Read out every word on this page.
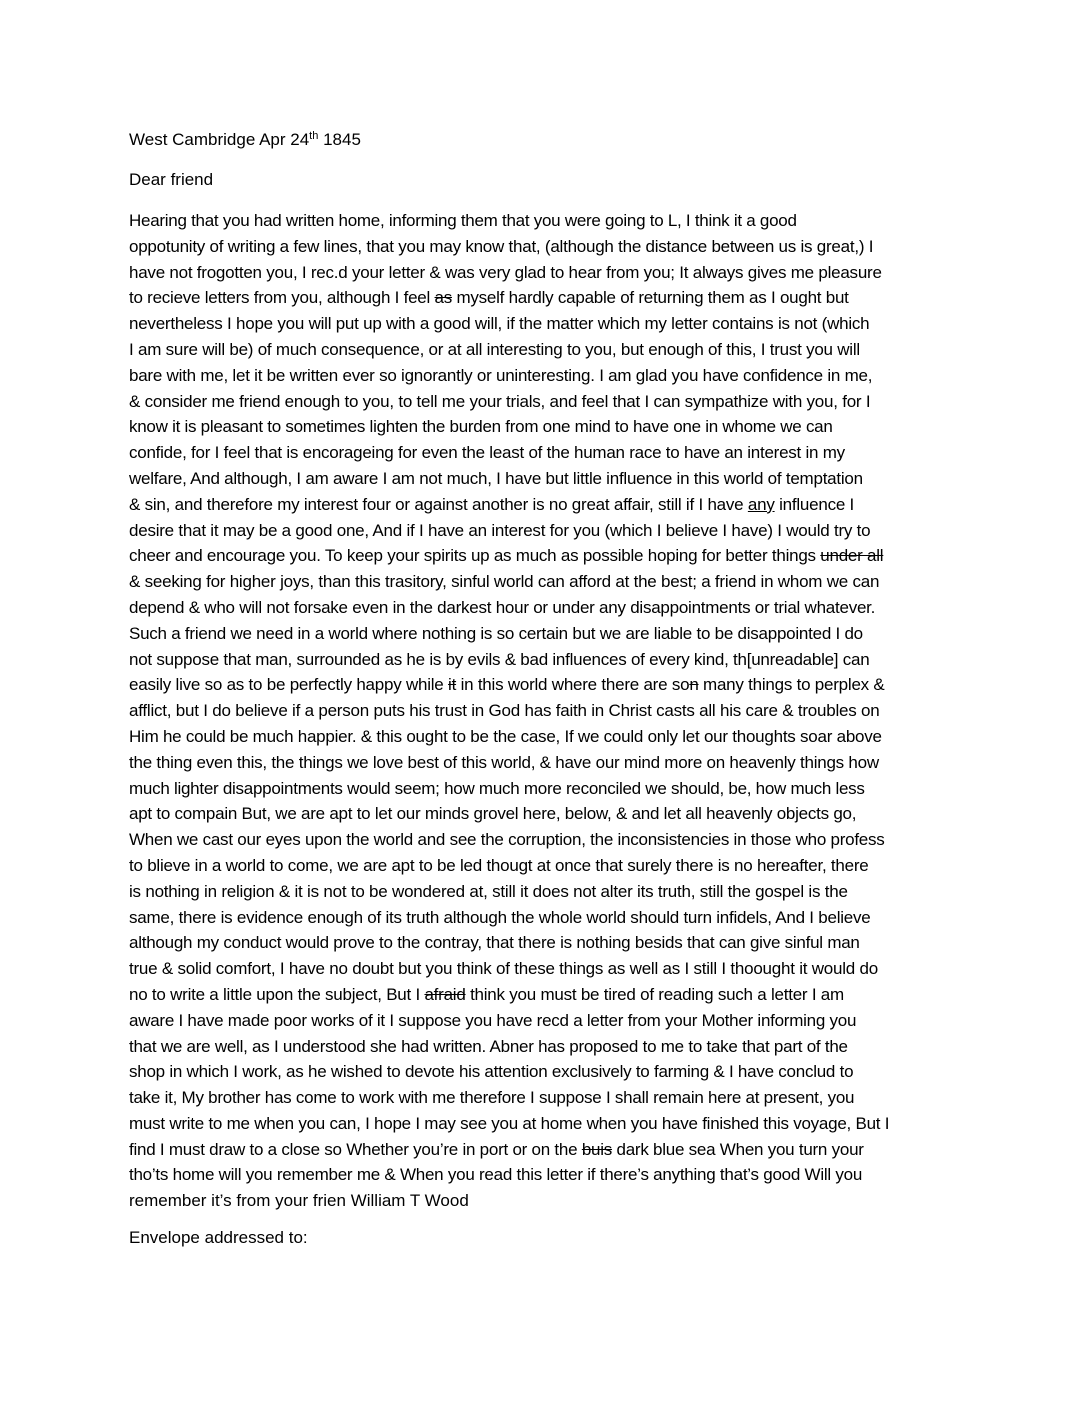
West Cambridge Apr 24th 1845
Dear friend
Hearing that you had written home, informing them that you were going to L, I think it a good
oppotunity of writing a few lines, that you may know that, (although the distance between us is great,) I
have not frogotten you, I rec.d your letter & was very glad to hear from you; It always gives me pleasure
to recieve letters from you, although I feel as myself hardly capable of returning them as I ought but
nevertheless I hope you will put up with a good will, if the matter which my letter contains is not (which
I am sure will be) of much consequence, or at all interesting to you, but enough of this, I trust you will
bare with me, let it be written ever so ignorantly or uninteresting. I am glad you have confidence in me,
& consider me friend enough to you, to tell me your trials, and feel that I can sympathize with you, for I
know it is pleasant to sometimes lighten the burden from one mind to have one in whome we can
confide, for I feel that is encorageing for even the least of the human race to have an interest in my
welfare, And although, I am aware I am not much, I have but little influence in this world of temptation
& sin, and therefore my interest four or against another is no great affair, still if I have any influence I
desire that it may be a good one, And if I have an interest for you (which I believe I have) I would try to
cheer and encourage you. To keep your spirits up as much as possible hoping for better things under all
& seeking for higher joys, than this trasitory, sinful world can afford at the best; a friend in whom we can
depend & who will not forsake even in the darkest hour or under any disappointments or trial whatever.
Such a friend we need in a world where nothing is so certain but we are liable to be disappointed I do
not suppose that man, surrounded as he is by evils & bad influences of every kind, th[unreadable] can
easily live so as to be perfectly happy while it in this world where there are son many things to perplex &
afflict, but I do believe if a person puts his trust in God has faith in Christ casts all his care & troubles on
Him he could be much happier. & this ought to be the case, If we could only let our thoughts soar above
the thing even this, the things we love best of this world, & have our mind more on heavenly things how
much lighter disappointments would seem; how much more reconciled we should, be, how much less
apt to compain But, we are apt to let our minds grovel here, below, & and let all heavenly objects go,
When we cast our eyes upon the world and see the corruption, the inconsistencies in those who profess
to blieve in a world to come, we are apt to be led thougt at once that surely there is no hereafter, there
is nothing in religion & it is not to be wondered at, still it does not alter its truth, still the gospel is the
same, there is evidence enough of its truth although the whole world should turn infidels, And I believe
although my conduct would prove to the contray, that there is nothing besids that can give sinful man
true & solid comfort, I have no doubt but you think of these things as well as I still I thoought it would do
no to write a little upon the subject, But I afraid think you must be tired of reading such a letter I am
aware I have made poor works of it I suppose you have recd a letter from your Mother informing you
that we are well, as I understood she had written. Abner has proposed to me to take that part of the
shop in which I work, as he wished to devote his attention exclusively to farming & I have conclud to
take it, My brother has come to work with me therefore I suppose I shall remain here at present, you
must write to me when you can, I hope I may see you at home when you have finished this voyage, But I
find I must draw to a close so Whether you’re in port or on the buis dark blue sea When you turn your
tho’ts home will you remember me & When you read this letter if there’s anything that’s good Will you
remember it’s from your frien William T Wood
Envelope addressed to:
